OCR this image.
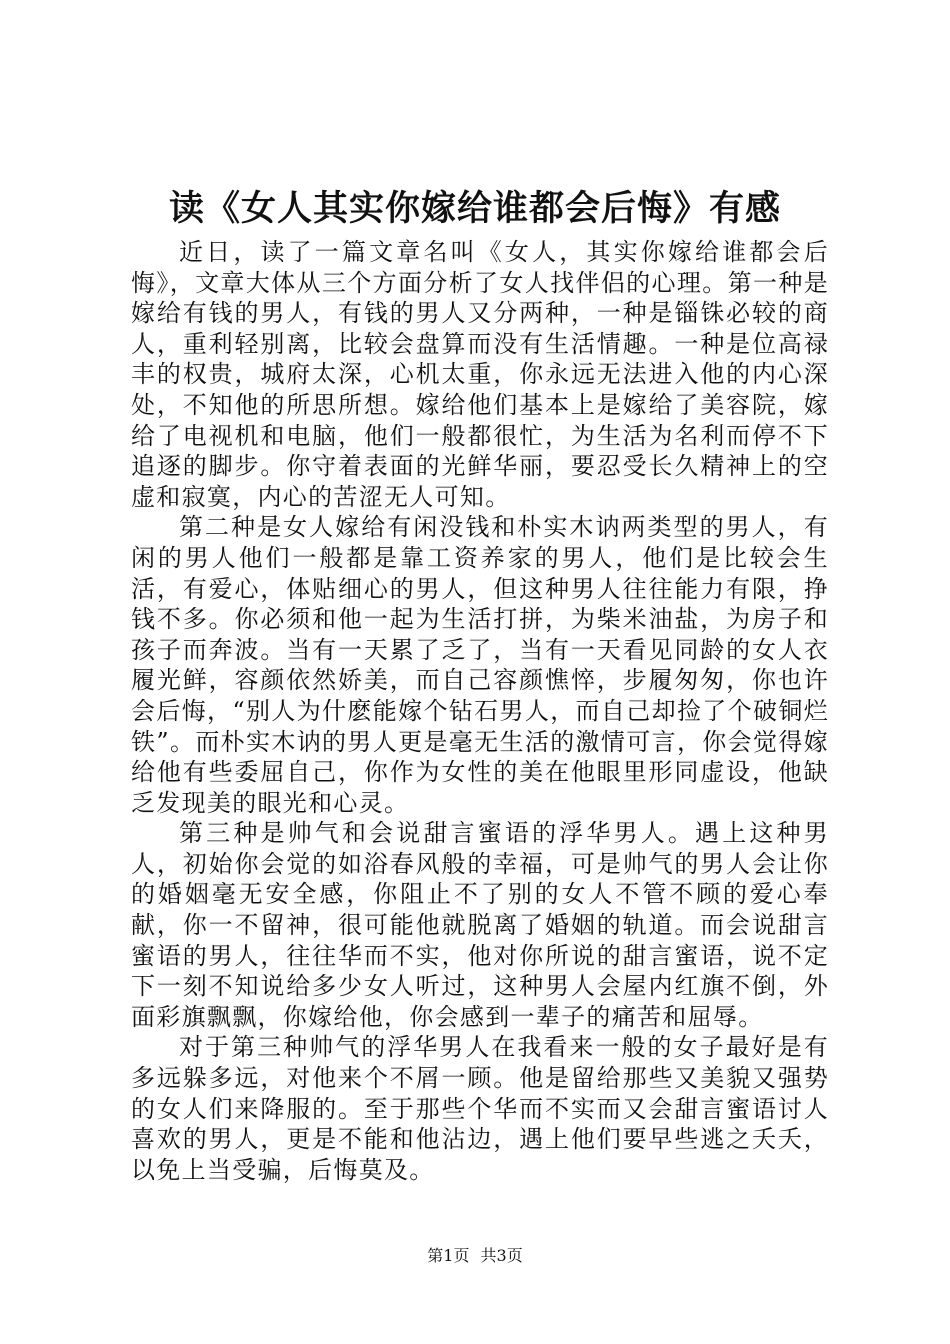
读《女人其实你嫁给谁都会后悔》有感

近日，读了一篇文章名叫《女人，其实你嫁给谁都会后悔》，文章大体从三个方面分析了女人找伴侣的心理。第一种是嫁给有钱的男人，有钱的男人又分两种，一种是锱铢必较的商人，重利轻别离，比较会盘算而没有生活情趣。一种是位高禄丰的权贵，城府太深，心机太重，你永远无法进入他的内心深处，不知他的所思所想。嫁给他们基本上是嫁给了美容院，嫁给了电视机和电脑，他们一般都很忙，为生活为名利而停不下追逐的脚步。你守着表面的光鲜华丽，要忍受长久精神上的空虚和寂寞，内心的苦涩无人可知。

第二种是女人嫁给有闲没钱和朴实木讷两类型的男人，有闲的男人他们一般都是靠工资养家的男人，他们是比较会生活，有爱心，体贴细心的男人，但这种男人往往能力有限，挣钱不多。你必须和他一起为生活打拼，为柴米油盐，为房子和孩子而奔波。当有一天累了乏了，当有一天看见同龄的女人衣履光鲜，容颜依然娇美，而自己容颜憔悴，步履匆匆，你也许会后悔，“别人为什麽能嫁个钻石男人，而自己却捡了个破铜烂铁”。而朴实木讷的男人更是毫无生活的激情可言，你会觉得嫁给他有些委屈自己，你作为女性的美在他眼里形同虚设，他缺乏发现美的眼光和心灵。

第三种是帅气和会说甜言蜜语的浮华男人。遇上这种男人，初始你会觉的如浴春风般的幸福，可是帅气的男人会让你的婚姻毫无安全感，你阻止不了别的女人不管不顾的爱心奉献，你一不留神，很可能他就脱离了婚姻的轨道。而会说甜言蜜语的男人，往往华而不实，他对你所说的甜言蜜语，说不定下一刻不知说给多少女人听过，这种男人会屋内红旗不倒，外面彩旗飘飘，你嫁给他，你会感到一辈子的痛苦和屈辱。

对于第三种帅气的浮华男人在我看来一般的女子最好是有多远躲多远，对他来个不屑一顾。他是留给那些又美貌又强势的女人们来降服的。至于那些个华而不实而又会甜言蜜语讨人喜欢的男人，更是不能和他沾边，遇上他们要早些逃之夭夭，以免上当受骗，后悔莫及。

第1页 共3页
